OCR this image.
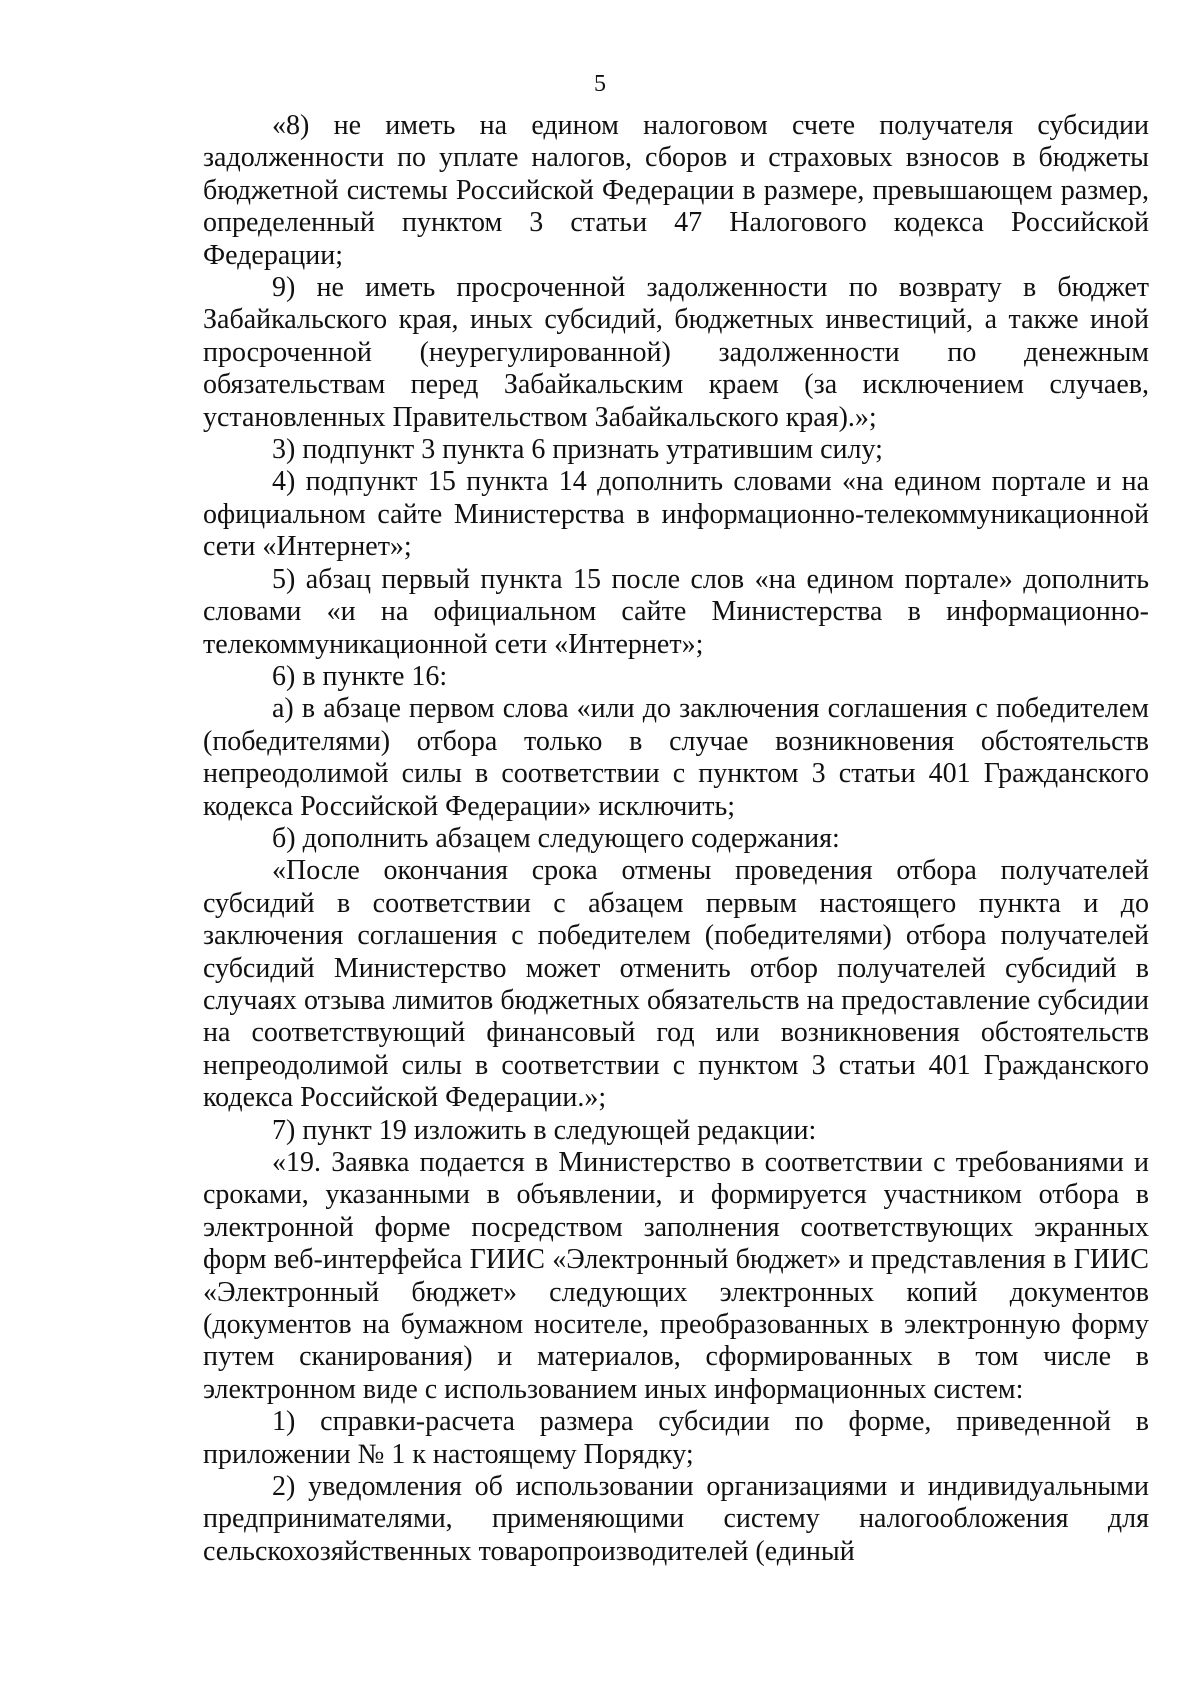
5

«8) не иметь на едином налоговом счете получателя субсидии задолженности по уплате налогов, сборов и страховых взносов в бюджеты бюджетной системы Российской Федерации в размере, превышающем размер, определенный пунктом 3 статьи 47 Налогового кодекса Российской Федерации;

9) не иметь просроченной задолженности по возврату в бюджет Забайкальского края, иных субсидий, бюджетных инвестиций, а также иной просроченной (неурегулированной) задолженности по денежным обязательствам перед Забайкальским краем (за исключением случаев, установленных Правительством Забайкальского края).»;

3) подпункт 3 пункта 6 признать утратившим силу;

4) подпункт 15 пункта 14 дополнить словами «на едином портале и на официальном сайте Министерства в информационно-телекоммуникационной сети «Интернет»;

5) абзац первый пункта 15 после слов «на едином портале» дополнить словами «и на официальном сайте Министерства в информационно-телекоммуникационной сети «Интернет»;

6) в пункте 16:

а) в абзаце первом слова «или до заключения соглашения с победителем (победителями) отбора только в случае возникновения обстоятельств непреодолимой силы в соответствии с пунктом 3 статьи 401 Гражданского кодекса Российской Федерации» исключить;

б) дополнить абзацем следующего содержания:

«После окончания срока отмены проведения отбора получателей субсидий в соответствии с абзацем первым настоящего пункта и до заключения соглашения с победителем (победителями) отбора получателей субсидий Министерство может отменить отбор получателей субсидий в случаях отзыва лимитов бюджетных обязательств на предоставление субсидии на соответствующий финансовый год или возникновения обстоятельств непреодолимой силы в соответствии с пунктом 3 статьи 401 Гражданского кодекса Российской Федерации.»;

7) пункт 19 изложить в следующей редакции:

«19. Заявка подается в Министерство в соответствии с требованиями и сроками, указанными в объявлении, и формируется участником отбора в электронной форме посредством заполнения соответствующих экранных форм веб-интерфейса ГИИС «Электронный бюджет» и представления в ГИИС «Электронный бюджет» следующих электронных копий документов (документов на бумажном носителе, преобразованных в электронную форму путем сканирования) и материалов, сформированных в том числе в электронном виде с использованием иных информационных систем:

1) справки-расчета размера субсидии по форме, приведенной в приложении № 1 к настоящему Порядку;

2) уведомления об использовании организациями и индивидуальными предпринимателями, применяющими систему налогообложения для сельскохозяйственных товаропроизводителей (единый
